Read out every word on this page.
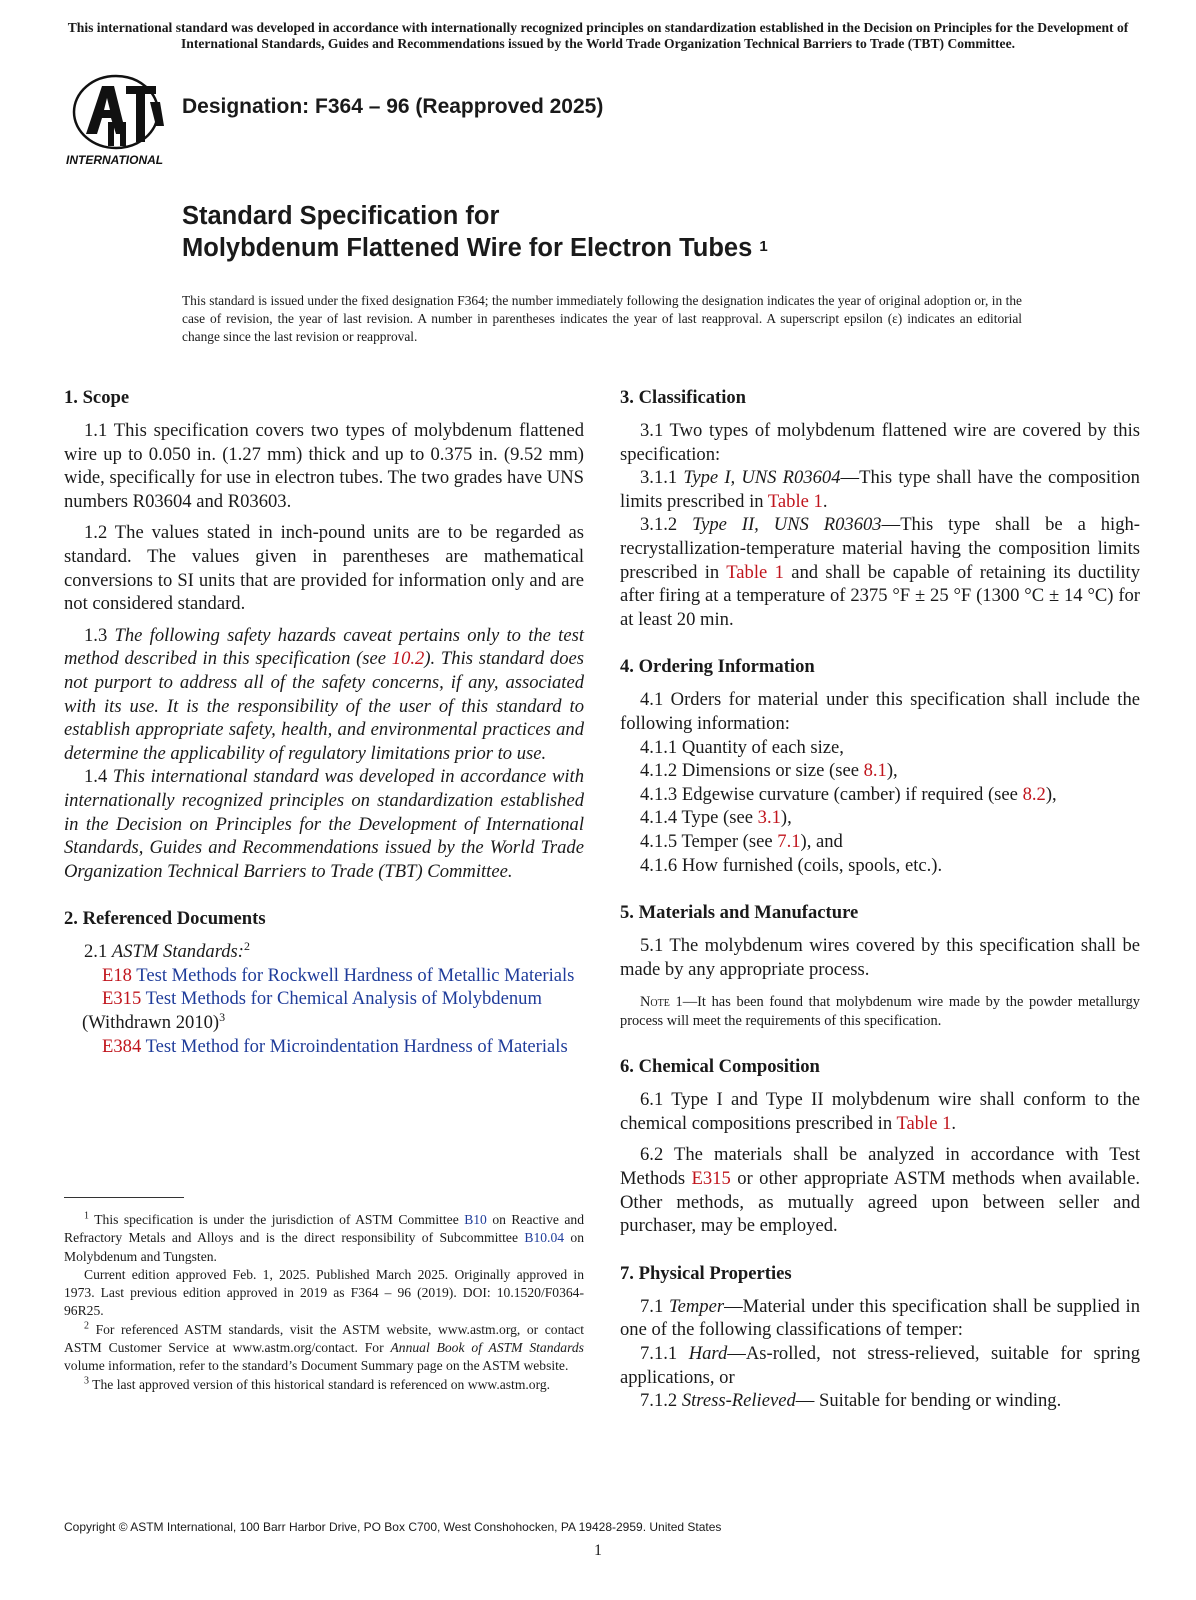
This international standard was developed in accordance with internationally recognized principles on standardization established in the Decision on Principles for the Development of International Standards, Guides and Recommendations issued by the World Trade Organization Technical Barriers to Trade (TBT) Committee.
INTERNATIONAL
Designation: F364 – 96 (Reapproved 2025)
Standard Specification for
Molybdenum Flattened Wire for Electron Tubes $^1$
This standard is issued under the fixed designation F364; the number immediately following the designation indicates the year of original adoption or, in the case of revision, the year of last revision. A number in parentheses indicates the year of last reapproval. A superscript epsilon (ε) indicates an editorial change since the last revision or reapproval.
1. Scope

1.1 This specification covers two types of molybdenum flattened wire up to 0.050 in. (1.27 mm) thick and up to 0.375 in. (9.52 mm) wide, specifically for use in electron tubes. The two grades have UNS numbers R03604 and R03603.

1.2 The values stated in inch-pound units are to be regarded as standard. The values given in parentheses are mathematical conversions to SI units that are provided for information only and are not considered standard.

1.3 The following safety hazards caveat pertains only to the test method described in this specification (see 10.2). This standard does not purport to address all of the safety concerns, if any, associated with its use. It is the responsibility of the user of this standard to establish appropriate safety, health, and environmental practices and determine the applicability of regulatory limitations prior to use.

1.4 This international standard was developed in accordance with internationally recognized principles on standardization established in the Decision on Principles for the Development of International Standards, Guides and Recommendations issued by the World Trade Organization Technical Barriers to Trade (TBT) Committee.

2. Referenced Documents

2.1 ASTM Standards:$^2$

E18 Test Methods for Rockwell Hardness of Metallic Materials

E315 Test Methods for Chemical Analysis of Molybdenum (Withdrawn 2010)$^3$

E384 Test Method for Microindentation Hardness of Materials

$^1$ This specification is under the jurisdiction of ASTM Committee B10 on Reactive and Refractory Metals and Alloys and is the direct responsibility of Subcommittee B10.04 on Molybdenum and Tungsten.

Current edition approved Feb. 1, 2025. Published March 2025. Originally approved in 1973. Last previous edition approved in 2019 as F364 – 96 (2019). DOI: 10.1520/F0364-96R25.

$^2$ For referenced ASTM standards, visit the ASTM website, www.astm.org, or contact ASTM Customer Service at www.astm.org/contact. For Annual Book of ASTM Standards volume information, refer to the standard’s Document Summary page on the ASTM website.

$^3$ The last approved version of this historical standard is referenced on www.astm.org.

3. Classification

3.1 Two types of molybdenum flattened wire are covered by this specification:

3.1.1 Type I, UNS R03604—This type shall have the composition limits prescribed in Table 1.

3.1.2 Type II, UNS R03603—This type shall be a high-recrystallization-temperature material having the composition limits prescribed in Table 1 and shall be capable of retaining its ductility after firing at a temperature of 2375 °F ± 25 °F (1300 °C ± 14 °C) for at least 20 min.

4. Ordering Information

4.1 Orders for material under this specification shall include the following information:

4.1.1 Quantity of each size,

4.1.2 Dimensions or size (see 8.1),

4.1.3 Edgewise curvature (camber) if required (see 8.2),

4.1.4 Type (see 3.1),

4.1.5 Temper (see 7.1), and

4.1.6 How furnished (coils, spools, etc.).

5. Materials and Manufacture

5.1 The molybdenum wires covered by this specification shall be made by any appropriate process.

Note 1—It has been found that molybdenum wire made by the powder metallurgy process will meet the requirements of this specification.

6. Chemical Composition

6.1 Type I and Type II molybdenum wire shall conform to the chemical compositions prescribed in Table 1.

6.2 The materials shall be analyzed in accordance with Test Methods E315 or other appropriate ASTM methods when available. Other methods, as mutually agreed upon between seller and purchaser, may be employed.

7. Physical Properties

7.1 Temper—Material under this specification shall be supplied in one of the following classifications of temper:

7.1.1 Hard—As-rolled, not stress-relieved, suitable for spring applications, or

7.1.2 Stress-Relieved— Suitable for bending or winding.

Copyright © ASTM International, 100 Barr Harbor Drive, PO Box C700, West Conshohocken, PA 19428-2959. United States
1
